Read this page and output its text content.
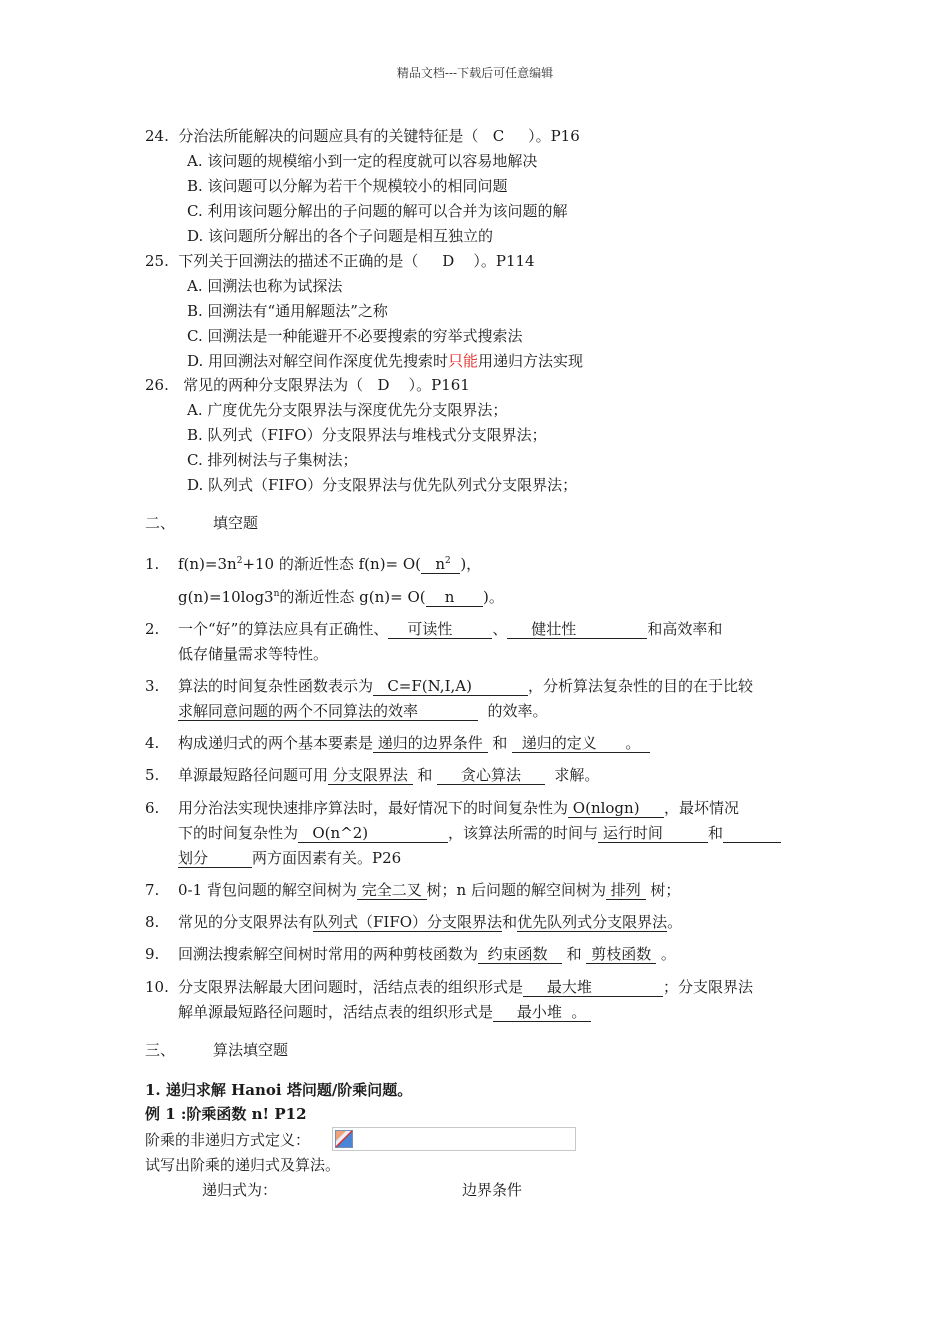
精品文档---下载后可任意编辑
24. 分治法所能解决的问题应具有的关键特征是（ C ）。P16
A. 该问题的规模缩小到一定的程度就可以容易地解决
B. 该问题可以分解为若干个规模较小的相同问题
C. 利用该问题分解出的子问题的解可以合并为该问题的解
D. 该问题所分解出的各个子问题是相互独立的
25. 下列关于回溯法的描述不正确的是（ D ）。P114
A. 回溯法也称为试探法
B. 回溯法有“通用解题法”之称
C. 回溯法是一种能避开不必要搜索的穷举式搜索法
D. 用回溯法对解空间作深度优先搜索时只能用递归方法实现
26. 常见的两种分支限界法为（ D ）。P161
A. 广度优先分支限界法与深度优先分支限界法；
B. 队列式（FIFO）分支限界法与堆栈式分支限界法；
C. 排列树法与子集树法；
D. 队列式（FIFO）分支限界法与优先队列式分支限界法；
二、	填空题
1. $f(n)=3n^2+10$ 的渐近性态 f(n)= O( $n^2$ )，
$g(n)=10\log 3^n$的渐近性态 g(n)= O( n )。
2. 一个“好”的算法应具有正确性、 可读性	、 健壮性	和高效率和
低存储量需求等特性。
3. 算法的时间复杂性函数表示为 C=F(N,I,A)	，分析算法复杂性的目的在于比较
求解同意问题的两个不同算法的效率	的效率。
4. 构成递归式的两个基本要素是 递归的边界条件 和 递归的定义 。
5. 单源最短路径问题可用 分支限界法 和 贪心算法 求解。
6. 用分治法实现快速排序算法时，最好情况下的时间复杂性为 O(nlogn) ，最坏情况
下的时间复杂性为 O(n^2)	，该算法所需的时间与 运行时间	和
划分	两方面因素有关。P26
7. 0-1 背包问题的解空间树为 完全二叉 树；n 后问题的解空间树为 排列 树；
8. 常见的分支限界法有队列式（FIFO）分支限界法和优先队列式分支限界法。
9. 回溯法搜索解空间树时常用的两种剪枝函数为 约束函数 和 剪枝函数 。
10. 分支限界法解最大团问题时，活结点表的组织形式是 最大堆	；分支限界法
解单源最短路径问题时，活结点表的组织形式是 最小堆 。
三、	算法填空题
1. 递归求解 Hanoi 塔问题/阶乘问题。
例 1 :阶乘函数 n! P12
阶乘的非递归方式定义：
试写出阶乘的递归式及算法。
递归式为：	边界条件
